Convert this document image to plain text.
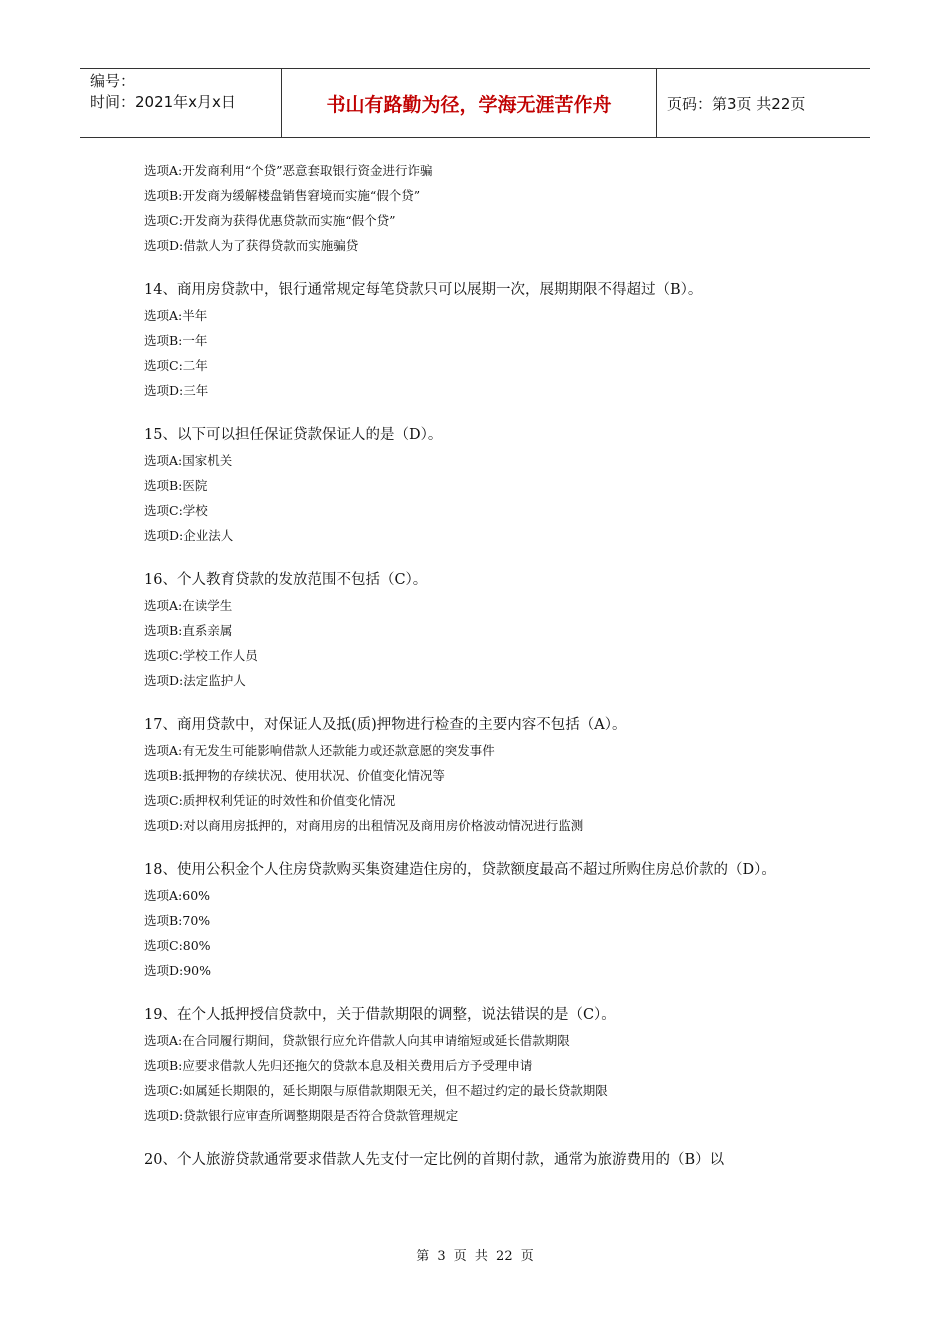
编号：
时间：2021年x月x日	书山有路勤为径，学海无涯苦作舟	页码：第3页 共22页

选项A:开发商利用“个贷”恶意套取银行资金进行诈骗

选项B:开发商为缓解楼盘销售窘境而实施“假个贷”

选项C:开发商为获得优惠贷款而实施“假个贷”

选项D:借款人为了获得贷款而实施骗贷

14、商用房贷款中，银行通常规定每笔贷款只可以展期一次，展期期限不得超过（B）。

选项A:半年

选项B:一年

选项C:二年

选项D:三年

15、以下可以担任保证贷款保证人的是（D）。

选项A:国家机关

选项B:医院

选项C:学校

选项D:企业法人

16、个人教育贷款的发放范围不包括（C）。

选项A:在读学生

选项B:直系亲属

选项C:学校工作人员

选项D:法定监护人

17、商用贷款中，对保证人及抵(质)押物进行检查的主要内容不包括（A）。

选项A:有无发生可能影响借款人还款能力或还款意愿的突发事件

选项B:抵押物的存续状况、使用状况、价值变化情况等

选项C:质押权利凭证的时效性和价值变化情况

选项D:对以商用房抵押的，对商用房的出租情况及商用房价格波动情况进行监测

18、使用公积金个人住房贷款购买集资建造住房的，贷款额度最高不超过所购住房总价款的（D）。

选项A:60%

选项B:70%

选项C:80%

选项D:90%

19、在个人抵押授信贷款中，关于借款期限的调整，说法错误的是（C）。

选项A:在合同履行期间，贷款银行应允许借款人向其申请缩短或延长借款期限

选项B:应要求借款人先归还拖欠的贷款本息及相关费用后方予受理申请

选项C:如属延长期限的，延长期限与原借款期限无关，但不超过约定的最长贷款期限

选项D:贷款银行应审查所调整期限是否符合贷款管理规定

20、个人旅游贷款通常要求借款人先支付一定比例的首期付款，通常为旅游费用的（B）以

第 3 页 共 22 页
